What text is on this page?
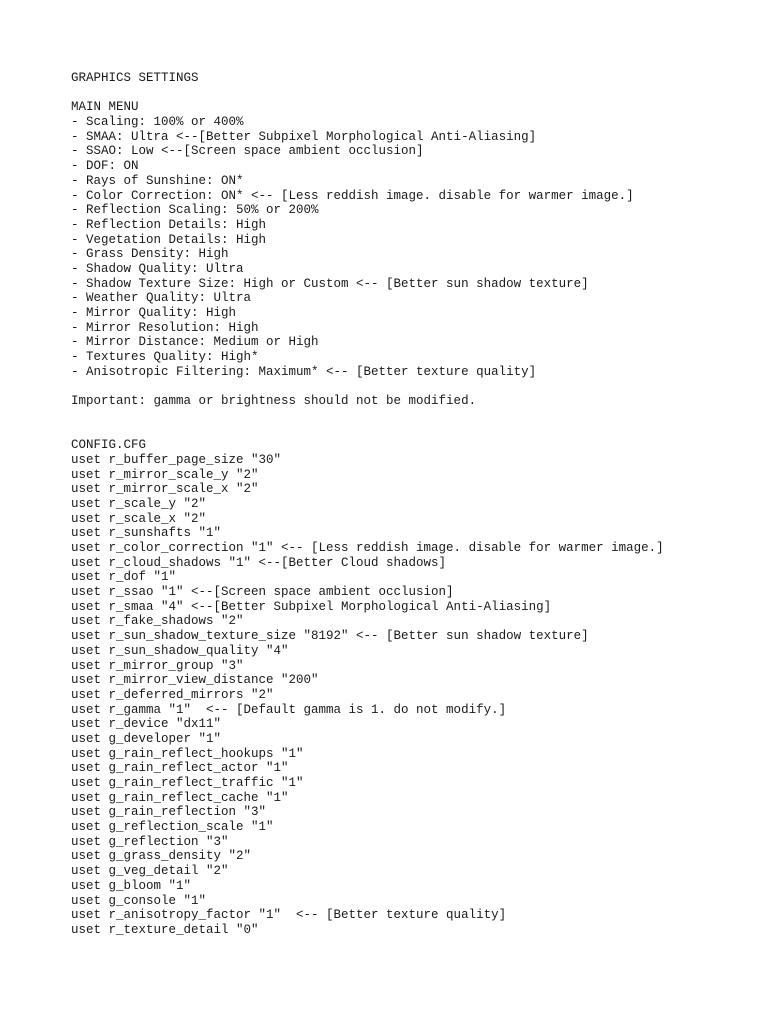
GRAPHICS SETTINGS
MAIN MENU
- Scaling: 100% or 400%
- SMAA: Ultra <--[Better Subpixel Morphological Anti-Aliasing]
- SSAO: Low <--[Screen space ambient occlusion]
- DOF: ON
- Rays of Sunshine: ON*
- Color Correction: ON* <-- [Less reddish image. disable for warmer image.]
- Reflection Scaling: 50% or 200%
- Reflection Details: High
- Vegetation Details: High
- Grass Density: High
- Shadow Quality: Ultra
- Shadow Texture Size: High or Custom <-- [Better sun shadow texture]
- Weather Quality: Ultra
- Mirror Quality: High
- Mirror Resolution: High
- Mirror Distance: Medium or High
- Textures Quality: High*
- Anisotropic Filtering: Maximum* <-- [Better texture quality]
Important: gamma or brightness should not be modified.
CONFIG.CFG
uset r_buffer_page_size "30"
uset r_mirror_scale_y "2"
uset r_mirror_scale_x "2"
uset r_scale_y "2"
uset r_scale_x "2"
uset r_sunshafts "1"
uset r_color_correction "1" <-- [Less reddish image. disable for warmer image.]
uset r_cloud_shadows "1" <--[Better Cloud shadows]
uset r_dof "1"
uset r_ssao "1" <--[Screen space ambient occlusion]
uset r_smaa "4" <--[Better Subpixel Morphological Anti-Aliasing]
uset r_fake_shadows "2"
uset r_sun_shadow_texture_size "8192" <-- [Better sun shadow texture]
uset r_sun_shadow_quality "4"
uset r_mirror_group "3"
uset r_mirror_view_distance "200"
uset r_deferred_mirrors "2"
uset r_gamma "1"  <-- [Default gamma is 1. do not modify.]
uset r_device "dx11"
uset g_developer "1"
uset g_rain_reflect_hookups "1"
uset g_rain_reflect_actor "1"
uset g_rain_reflect_traffic "1"
uset g_rain_reflect_cache "1"
uset g_rain_reflection "3"
uset g_reflection_scale "1"
uset g_reflection "3"
uset g_grass_density "2"
uset g_veg_detail "2"
uset g_bloom "1"
uset g_console "1"
uset r_anisotropy_factor "1"  <-- [Better texture quality]
uset r_texture_detail "0"
